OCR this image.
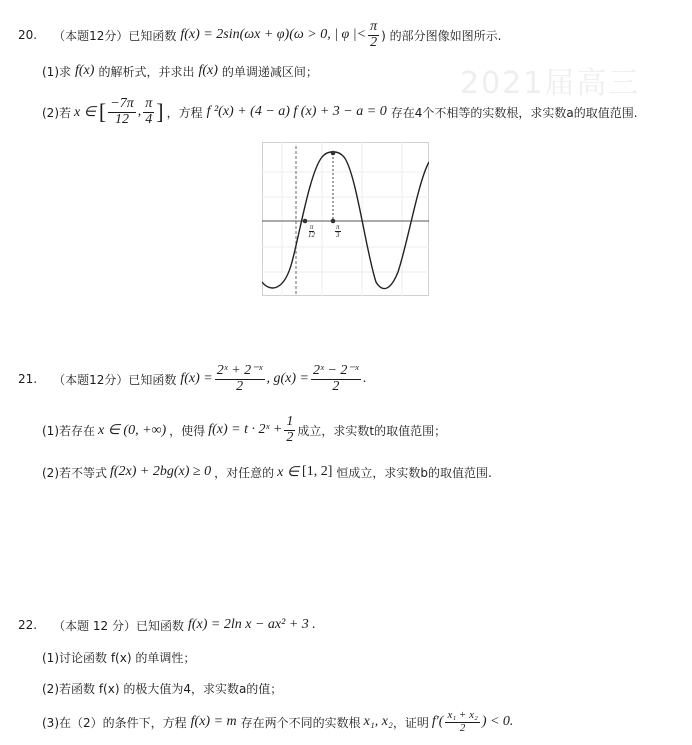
2021届高三
20. （本题12分）已知函数 f(x) = 2sin(ωx + φ)(ω > 0, | φ |< $\frac{\pi}{2}$ ) 的部分图像如图所示.
(1)求 f(x) 的解析式，并求出 f(x) 的单调递减区间；
(2)若 x ∈ [ $\frac{-7\pi}{12}$ , $\frac{\pi}{4}$ ] ，方程 f ²(x) + (4 − a) f (x) + 3 − a = 0 存在4个不相等的实数根，求实数a的取值范围.
$\frac{\pi}{12}$	$\frac{\pi}{3}$
21. （本题12分）已知函数 $f(x) = \frac{\text{2ˣ + 2⁻ˣ}}{2}$ , $g(x) = \frac{\text{2ˣ − 2⁻ˣ}}{2}$ .
(1)若存在 x ∈ (0, +∞) ，使得 f(x) = t · 2ˣ + $\frac{1}{2}$ 成立，求实数t的取值范围；
(2)若不等式 f(2x) + 2bg(x) ≥ 0 ，对任意的 x ∈ [1, 2] 恒成立，求实数b的取值范围.
22. （本题 12 分）已知函数 f(x) = 2ln x − ax² + 3 .
(1)讨论函数 f(x) 的单调性；
(2)若函数 f(x) 的极大值为4，求实数a的值；
(3)在（2）的条件下，方程 f(x) = m 存在两个不同的实数根 x₁, x₂ ，证明 $f'( \frac{\text{x₁ + x₂}}{2}$ ) < 0.
